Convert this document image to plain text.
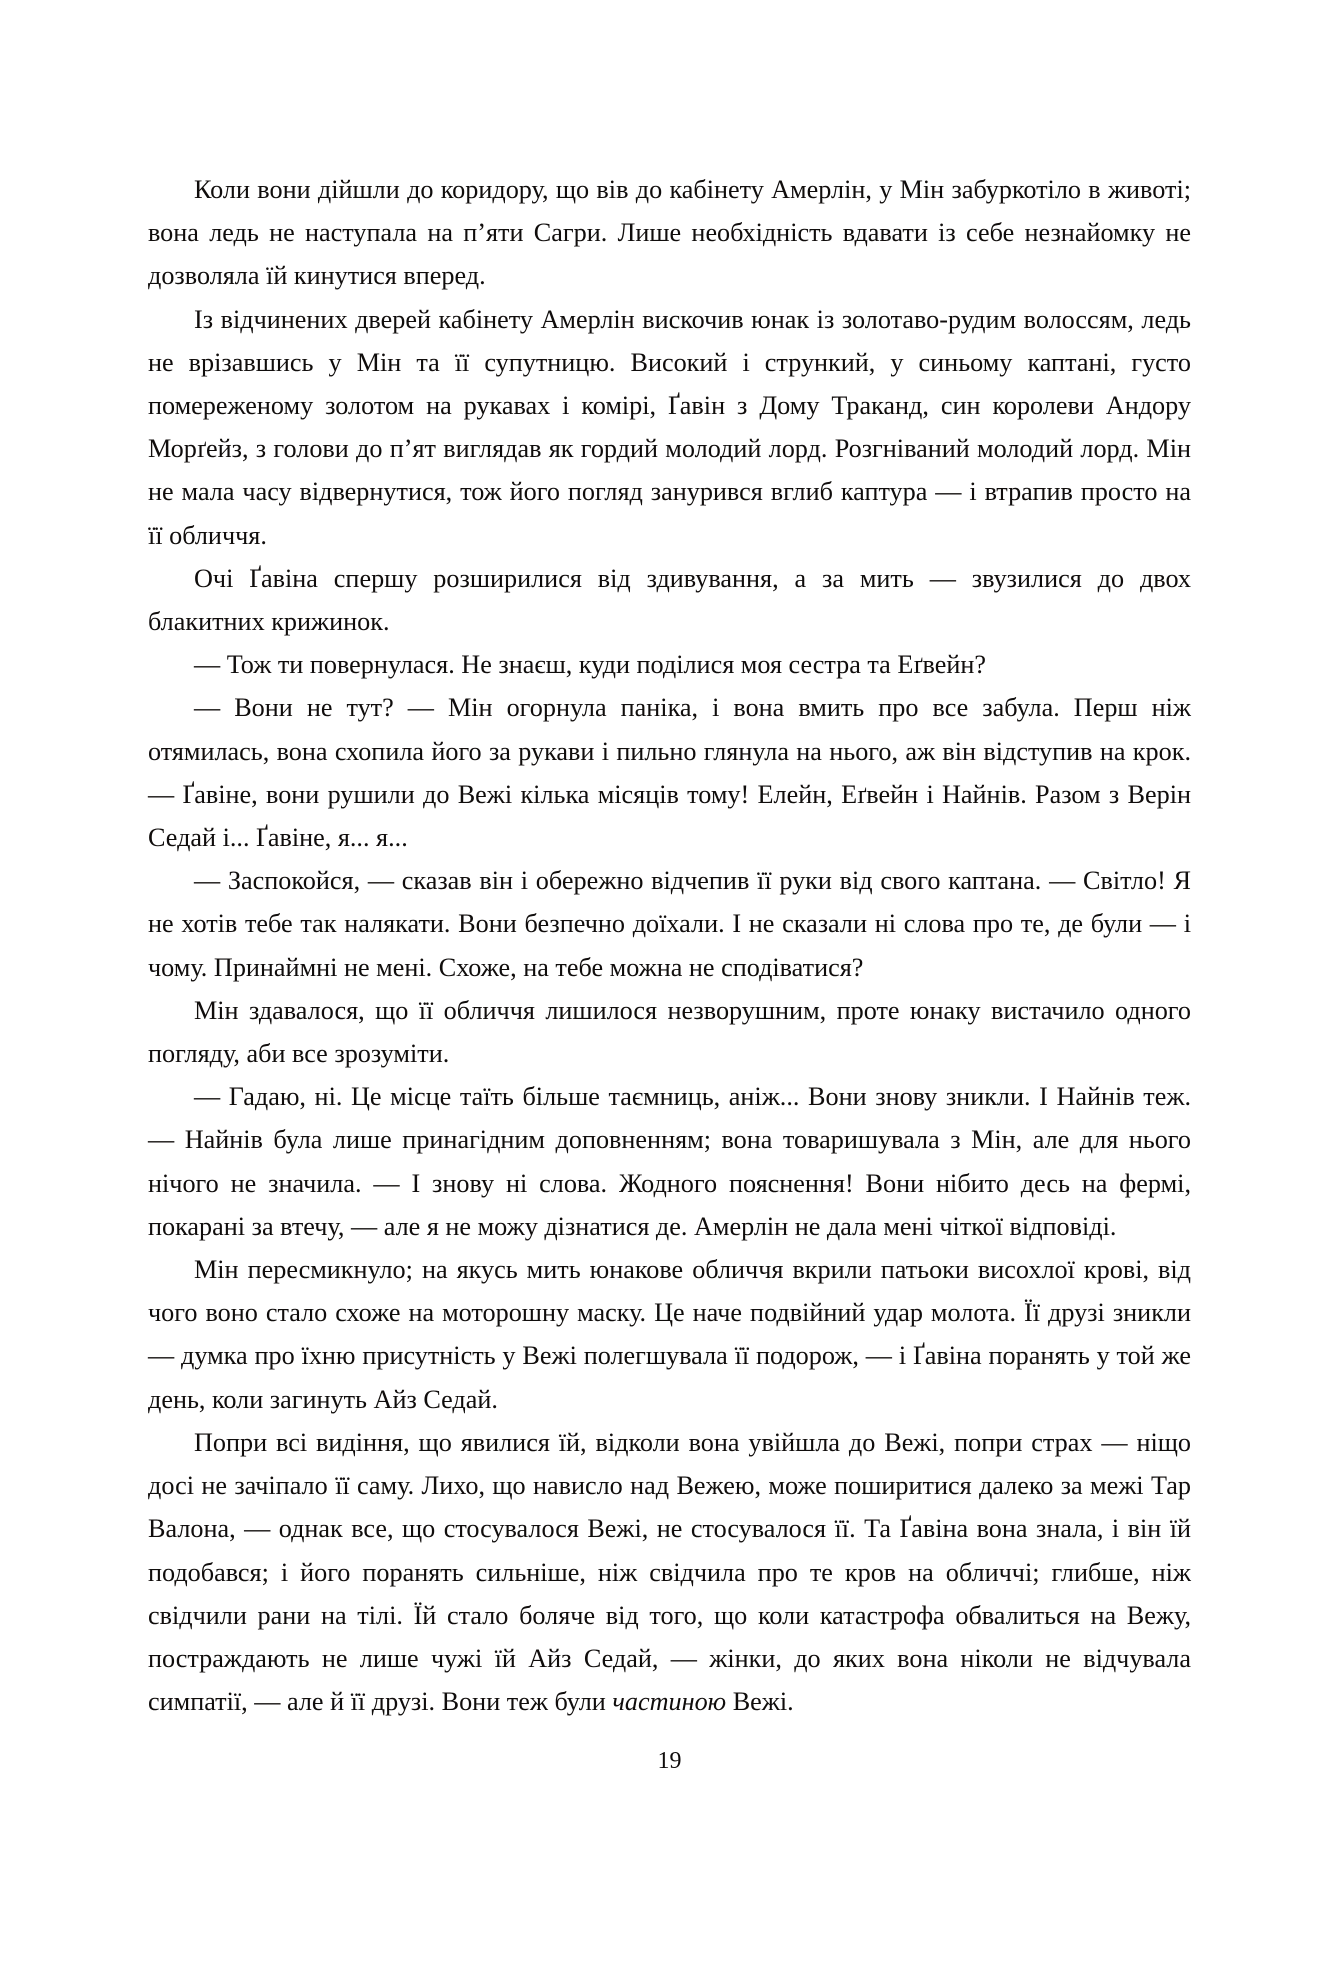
Коли вони дійшли до коридору, що вів до кабінету Амерлін, у Мін забуркотіло в животі; вона ледь не наступала на п’яти Сагри. Лише необхідність вдавати із себе незнайомку не дозволяла їй кинутися вперед.

Із відчинених дверей кабінету Амерлін вискочив юнак із золотаво-рудим волоссям, ледь не врізавшись у Мін та її супутницю. Високий і стрункий, у синьому каптані, густо помереженому золотом на рукавах і комірі, Ґавін з Дому Траканд, син королеви Андору Морґейз, з голови до п’ят виглядав як гордий молодий лорд. Розгніваний молодий лорд. Мін не мала часу відвернутися, тож його погляд занурився вглиб каптура — і втрапив просто на її обличчя.

Очі Ґавіна спершу розширилися від здивування, а за мить — звузилися до двох блакитних крижинок.

— Тож ти повернулася. Не знаєш, куди поділися моя сестра та Еґвейн?

— Вони не тут? — Мін огорнула паніка, і вона вмить про все забула. Перш ніж отямилась, вона схопила його за рукави і пильно глянула на нього, аж він відступив на крок. — Ґавіне, вони рушили до Вежі кілька місяців тому! Елейн, Еґвейн і Найнів. Разом з Верін Седай і... Ґавіне, я... я...

— Заспокойся, — сказав він і обережно відчепив її руки від свого каптана. — Світло! Я не хотів тебе так налякати. Вони безпечно доїхали. І не сказали ні слова про те, де були — і чому. Принаймні не мені. Схоже, на тебе можна не сподіватися?

Мін здавалося, що її обличчя лишилося незворушним, проте юнаку вистачило одного погляду, аби все зрозуміти.

— Гадаю, ні. Це місце таїть більше таємниць, аніж... Вони знову зникли. І Найнів теж. — Найнів була лише принагідним доповненням; вона товаришувала з Мін, але для нього нічого не значила. — І знову ні слова. Жодного пояснення! Вони нібито десь на фермі, покарані за втечу, — але я не можу дізнатися де. Амерлін не дала мені чіткої відповіді.

Мін пересмикнуло; на якусь мить юнакове обличчя вкрили патьоки висохлої крові, від чого воно стало схоже на моторошну маску. Це наче подвійний удар молота. Її друзі зникли — думка про їхню присутність у Вежі полегшувала її подорож, — і Ґавіна поранять у той же день, коли загинуть Айз Седай.

Попри всі видіння, що явилися їй, відколи вона увійшла до Вежі, попри страх — ніщо досі не зачіпало її саму. Лихо, що нависло над Вежею, може поширитися далеко за межі Тар Валона, — однак все, що стосувалося Вежі, не стосувалося її. Та Ґавіна вона знала, і він їй подобався; і його поранять сильніше, ніж свідчила про те кров на обличчі; глибше, ніж свідчили рани на тілі. Їй стало боляче від того, що коли катастрофа обвалиться на Вежу, постраждають не лише чужі їй Айз Седай, — жінки, до яких вона ніколи не відчувала симпатії, — але й її друзі. Вони теж були частиною Вежі.

19
